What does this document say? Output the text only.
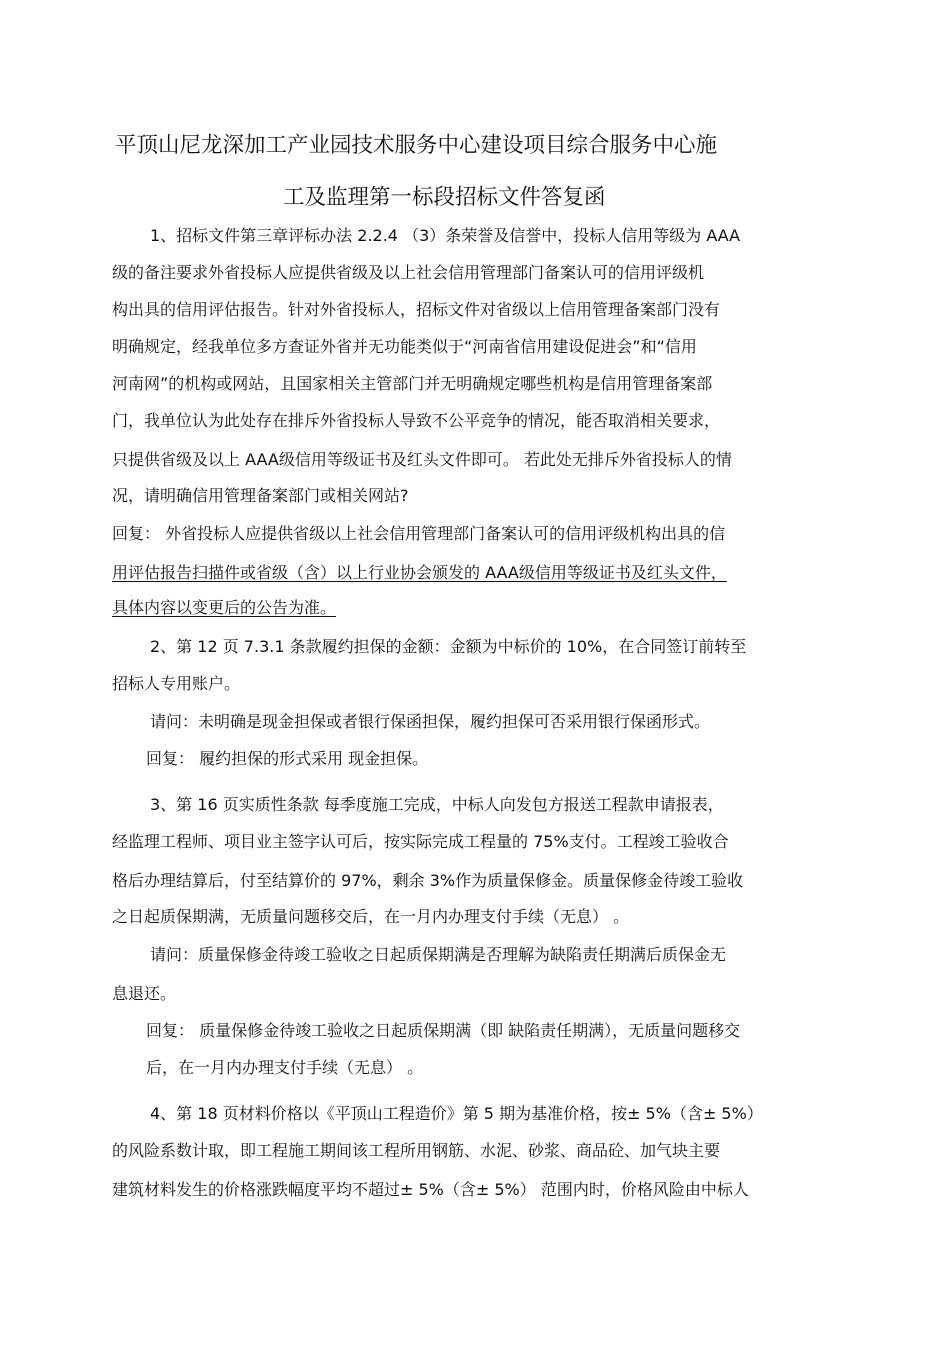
平顶山尼龙深加工产业园技术服务中心建设项目综合服务中心施
工及监理第一标段招标文件答复函
1、招标文件第三章评标办法 2.2.4 （3）条荣誉及信誉中，投标人信用等级为 AAA
级的备注要求外省投标人应提供省级及以上社会信用管理部门备案认可的信用评级机
构出具的信用评估报告。针对外省投标人，招标文件对省级以上信用管理备案部门没有
明确规定，经我单位多方查证外省并无功能类似于“河南省信用建设促进会”和“信用
河南网”的机构或网站，且国家相关主管部门并无明确规定哪些机构是信用管理备案部
门，我单位认为此处存在排斥外省投标人导致不公平竞争的情况，能否取消相关要求，
只提供省级及以上 AAA级信用等级证书及红头文件即可。 若此处无排斥外省投标人的情
况，请明确信用管理备案部门或相关网站?
回复： 外省投标人应提供省级以上社会信用管理部门备案认可的信用评级机构出具的信
用评估报告扫描件或省级（含）以上行业协会颁发的 AAA级信用等级证书及红头文件，
具体内容以变更后的公告为准。
2、第 12 页 7.3.1 条款履约担保的金额：金额为中标价的 10%，在合同签订前转至
招标人专用账户。
请问：未明确是现金担保或者银行保函担保，履约担保可否采用银行保函形式。
回复： 履约担保的形式采用 现金担保。
3、第 16 页实质性条款 每季度施工完成，中标人向发包方报送工程款申请报表，
经监理工程师、项目业主签字认可后，按实际完成工程量的 75%支付。工程竣工验收合
格后办理结算后，付至结算价的 97%，剩余 3%作为质量保修金。质量保修金待竣工验收
之日起质保期满，无质量问题移交后，在一月内办理支付手续（无息） 。
请问：质量保修金待竣工验收之日起质保期满是否理解为缺陷责任期满后质保金无
息退还。
回复： 质量保修金待竣工验收之日起质保期满（即 缺陷责任期满），无质量问题移交
后，在一月内办理支付手续（无息） 。
4、第 18 页材料价格以《平顶山工程造价》第 5 期为基准价格，按± 5%（含± 5%）
的风险系数计取，即工程施工期间该工程所用钢筋、水泥、砂浆、商品砼、加气块主要
建筑材料发生的价格涨跌幅度平均不超过± 5%（含± 5%） 范围内时，价格风险由中标人
